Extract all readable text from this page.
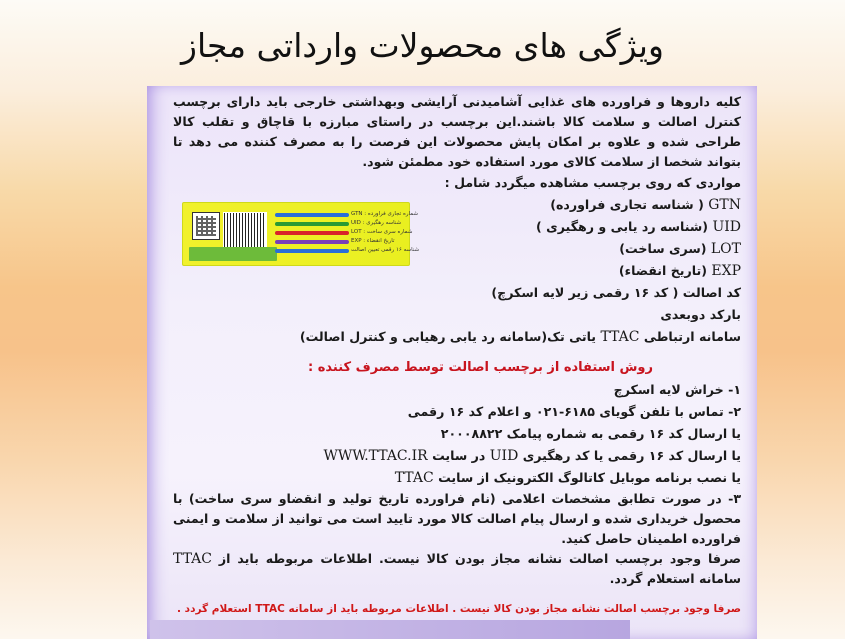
ویژگی های محصولات وارداتی مجاز

کلیه داروها و فراورده های غذایی آشامیدنی آرایشی وبهداشتی خارجی باید دارای برچسب کنترل اصالت و سلامت کالا باشند.این برچسب در راستای مبارزه با قاچاق و تقلب کالا طراحی شده و علاوه بر امکان پایش محصولات این فرصت را به مصرف کننده می دهد تا بتواند شخصا از سلامت کالای مورد استفاده خود مطمئن شود.

مواردی که روی برچسب مشاهده میگردد شامل :

GTN ( شناسه تجاری فراورده)

UID (شناسه رد یابی و رهگیری )

LOT (سری ساخت)

EXP (تاریخ انقضاء)

کد اصالت ( کد ۱۶ رقمی زیر لایه اسکرچ)

بارکد دوبعدی

سامانه ارتباطی TTAC یاتی تک(سامانه رد یابی رهیابی و کنترل اصالت)

روش استفاده از برچسب اصالت توسط مصرف کننده :

۱- خراش لایه اسکرچ

۲- تماس با تلفن گویای ۶۱۸۵-۰۲۱ و اعلام کد ۱۶ رقمی

یا ارسال کد ۱۶ رقمی به شماره پیامک ۲۰۰۰۸۸۲۲

یا ارسال کد ۱۶ رقمی یا کد رهگیری UID در سایت WWW.TTAC.IR

یا نصب برنامه موبایل کاتالوگ الکترونیک از سایت TTAC

۳- در صورت تطابق مشخصات اعلامی (نام فراورده تاریخ تولید و انقضاو سری ساخت) با محصول خریداری شده و ارسال پیام اصالت کالا مورد تایید است می توانید از سلامت و ایمنی فراورده اطمینان حاصل کنید.

صرفا وجود برچسب اصالت نشانه مجاز بودن کالا نیست. اطلاعات مربوطه باید از TTAC سامانه استعلام گردد.

صرفا وجود برچسب اصالت نشانه مجاز بودن کالا نیست . اطلاعات مربوطه باید از سامانه TTAC استعلام گردد .

GTN : شماره تجاری فراورده
UID : شناسه رهگیری
LOT : شماره سری ساخت
EXP : تاریخ انقضاء
شناسه ۱۶ رقمی تعیین اصالت
